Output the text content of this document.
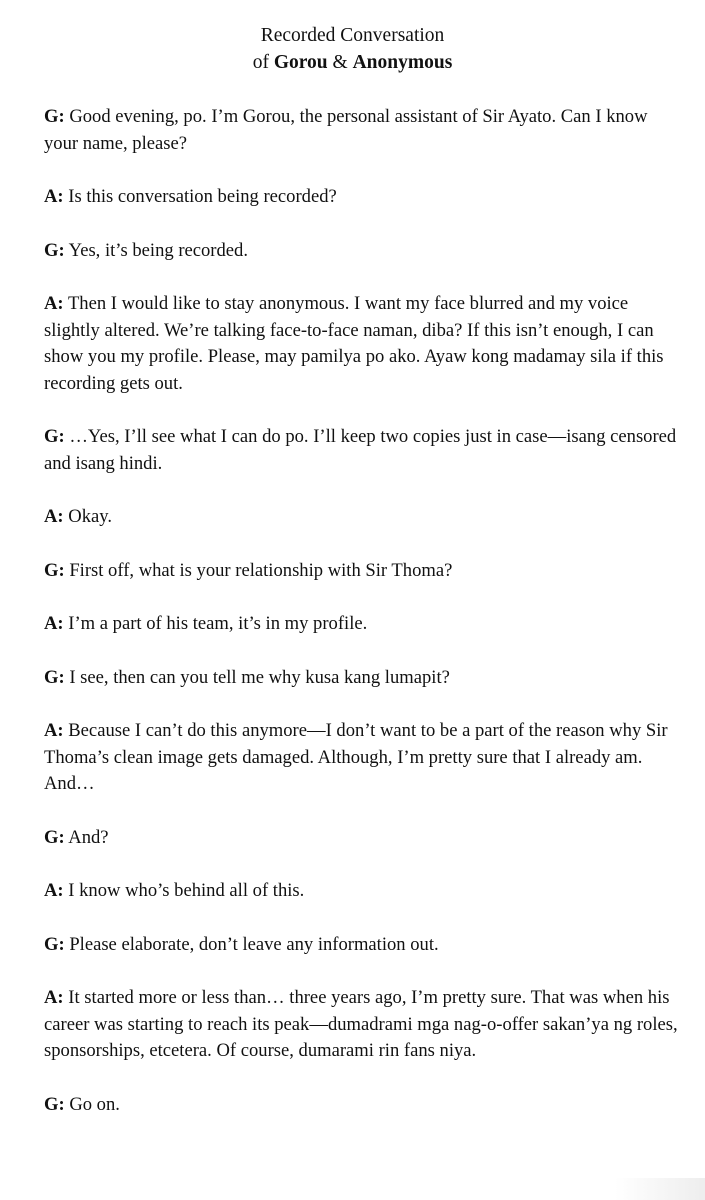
Recorded Conversation
of Gorou & Anonymous

G: Good evening, po. I’m Gorou, the personal assistant of Sir Ayato. Can I know your name, please?

A: Is this conversation being recorded?

G: Yes, it’s being recorded.

A: Then I would like to stay anonymous. I want my face blurred and my voice slightly altered. We’re talking face-to-face naman, diba? If this isn’t enough, I can show you my profile. Please, may pamilya po ako. Ayaw kong madamay sila if this recording gets out.

G: …Yes, I’ll see what I can do po. I’ll keep two copies just in case—isang censored and isang hindi.

A: Okay.

G: First off, what is your relationship with Sir Thoma?

A: I’m a part of his team, it’s in my profile.

G: I see, then can you tell me why kusa kang lumapit?

A: Because I can’t do this anymore—I don’t want to be a part of the reason why Sir Thoma’s clean image gets damaged. Although, I’m pretty sure that I already am. And…

G: And?

A: I know who’s behind all of this.

G: Please elaborate, don’t leave any information out.

A: It started more or less than… three years ago, I’m pretty sure. That was when his career was starting to reach its peak—dumadrami mga nag-o-offer sakan’ya ng roles, sponsorships, etcetera. Of course, dumarami rin fans niya.

G: Go on.
